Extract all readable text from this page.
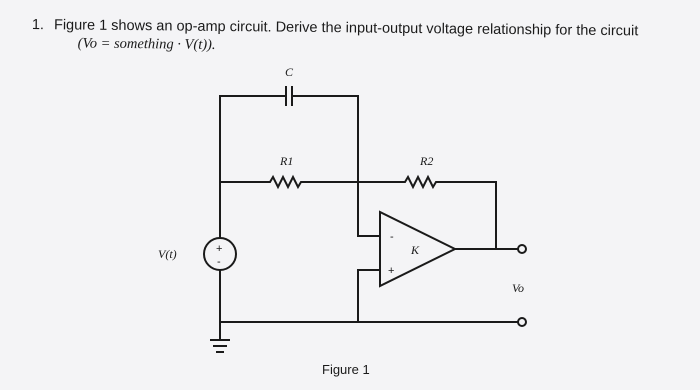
1. Figure 1 shows an op-amp circuit. Derive the input-output voltage relationship for the circuit
(Vo = something · V(t)).
C
R1	R2
K
-
+
+
-
V(t)
Vo
Figure 1
